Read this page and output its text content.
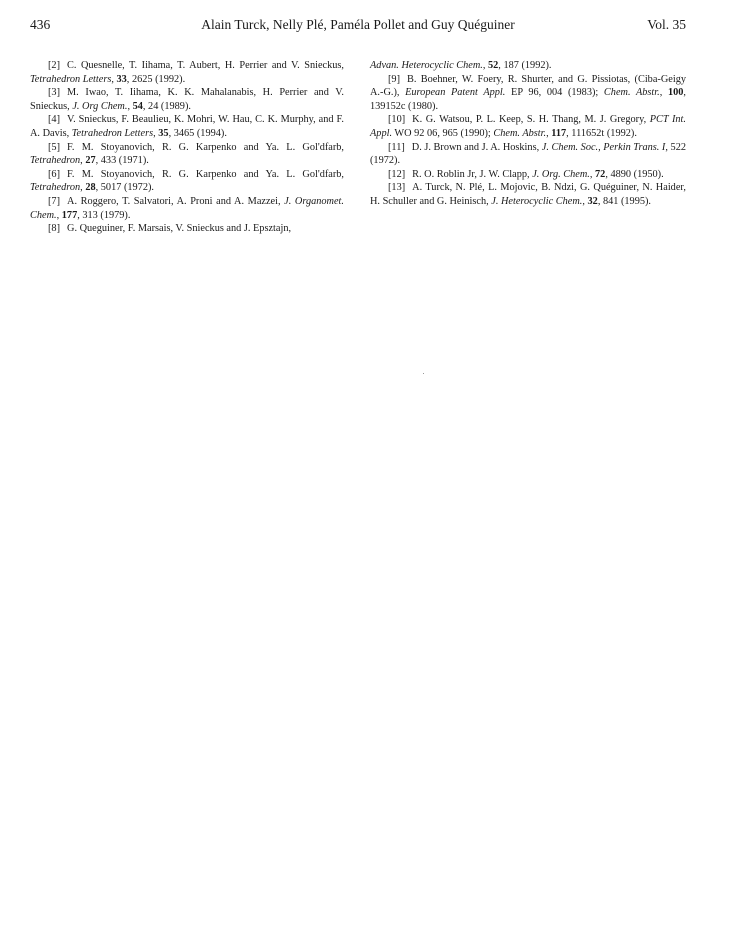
436	Alain Turck, Nelly Plé, Paméla Pollet and Guy Quéguiner	Vol. 35

[2] C. Quesnelle, T. Iihama, T. Aubert, H. Perrier and V. Snieckus, Tetrahedron Letters, 33, 2625 (1992).

[3] M. Iwao, T. Iihama, K. K. Mahalanabis, H. Perrier and V. Snieckus, J. Org Chem., 54, 24 (1989).

[4] V. Snieckus, F. Beaulieu, K. Mohri, W. Hau, C. K. Murphy, and F. A. Davis, Tetrahedron Letters, 35, 3465 (1994).

[5] F. M. Stoyanovich, R. G. Karpenko and Ya. L. Gol'dfarb, Tetrahedron, 27, 433 (1971).

[6] F. M. Stoyanovich, R. G. Karpenko and Ya. L. Gol'dfarb, Tetrahedron, 28, 5017 (1972).

[7] A. Roggero, T. Salvatori, A. Proni and A. Mazzei, J. Organomet. Chem., 177, 313 (1979).

[8] G. Queguiner, F. Marsais, V. Snieckus and J. Epsztajn,

Advan. Heterocyclic Chem., 52, 187 (1992).

[9] B. Boehner, W. Foery, R. Shurter, and G. Pissiotas, (Ciba-Geigy A.-G.), European Patent Appl. EP 96, 004 (1983); Chem. Abstr., 100, 139152c (1980).

[10] K. G. Watsou, P. L. Keep, S. H. Thang, M. J. Gregory, PCT Int. Appl. WO 92 06, 965 (1990); Chem. Abstr., 117, 111652t (1992).

[11] D. J. Brown and J. A. Hoskins, J. Chem. Soc., Perkin Trans. I, 522 (1972).

[12] R. O. Roblin Jr, J. W. Clapp, J. Org. Chem., 72, 4890 (1950).

[13] A. Turck, N. Plé, L. Mojovic, B. Ndzi, G. Quéguiner, N. Haider, H. Schuller and G. Heinisch, J. Heterocyclic Chem., 32, 841 (1995).
